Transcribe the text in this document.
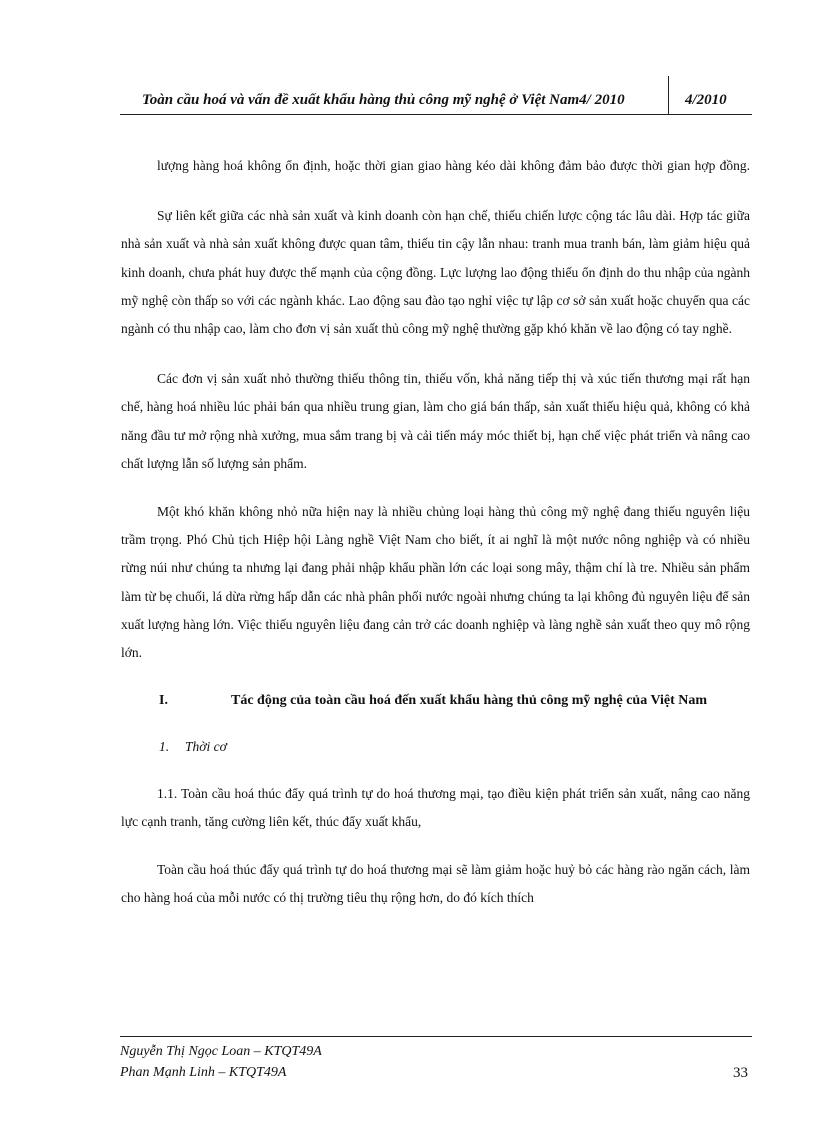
Toàn cầu hoá và vấn đề xuất khẩu hàng thủ công mỹ nghệ ở Việt Nam4/ 2010	4/2010

lượng hàng hoá không ổn định, hoặc thời gian giao hàng kéo dài không đảm bảo được thời gian hợp đồng.

Sự liên kết giữa các nhà sản xuất và kinh doanh còn hạn chế, thiếu chiến lược cộng tác lâu dài. Hợp tác giữa nhà sản xuất và nhà sản xuất không được quan tâm, thiếu tin cậy lẫn nhau: tranh mua tranh bán, làm giảm hiệu quả kinh doanh, chưa phát huy được thế mạnh của cộng đồng. Lực lượng lao động thiếu ổn định do thu nhập của ngành mỹ nghệ còn thấp so với các ngành khác. Lao động sau đào tạo nghỉ việc tự lập cơ sở sản xuất hoặc chuyển qua các ngành có thu nhập cao, làm cho đơn vị sản xuất thủ công mỹ nghệ thường gặp khó khăn về lao động có tay nghề.

Các đơn vị sản xuất nhỏ thường thiếu thông tin, thiếu vốn, khả năng tiếp thị và xúc tiến thương mại rất hạn chế, hàng hoá nhiều lúc phải bán qua nhiều trung gian, làm cho giá bán thấp, sản xuất thiếu hiệu quả, không có khả năng đầu tư mở rộng nhà xưởng, mua sắm trang bị và cải tiến máy móc thiết bị, hạn chế việc phát triển và nâng cao chất lượng lẫn số lượng sản phẩm.

Một khó khăn không nhỏ nữa hiện nay là nhiều chủng loại hàng thủ công mỹ nghệ đang thiếu nguyên liệu trầm trọng. Phó Chủ tịch Hiệp hội Làng nghề Việt Nam cho biết, ít ai nghĩ là một nước nông nghiệp và có nhiều rừng núi như chúng ta nhưng lại đang phải nhập khẩu phần lớn các loại song mây, thậm chí là tre. Nhiều sản phẩm làm từ bẹ chuối, lá dừa rừng hấp dẫn các nhà phân phối nước ngoài nhưng chúng ta lại không đủ nguyên liệu để sản xuất lượng hàng lớn. Việc thiếu nguyên liệu đang cản trở các doanh nghiệp và làng nghề sản xuất theo quy mô rộng lớn.

I.	Tác động của toàn cầu hoá đến xuất khẩu hàng thủ công mỹ nghệ của Việt Nam
1. Thời cơ

1.1. Toàn cầu hoá thúc đẩy quá trình tự do hoá thương mại, tạo điều kiện phát triển sản xuất, nâng cao năng lực cạnh tranh, tăng cường liên kết, thúc đẩy xuất khẩu,

Toàn cầu hoá thúc đẩy quá trình tự do hoá thương mại sẽ làm giảm hoặc huỷ bỏ các hàng rào ngăn cách, làm cho hàng hoá của mỗi nước có thị trường tiêu thụ rộng hơn, do đó kích thích

Nguyễn Thị Ngọc Loan – KTQT49A
Phan Mạnh Linh – KTQT49A	33
